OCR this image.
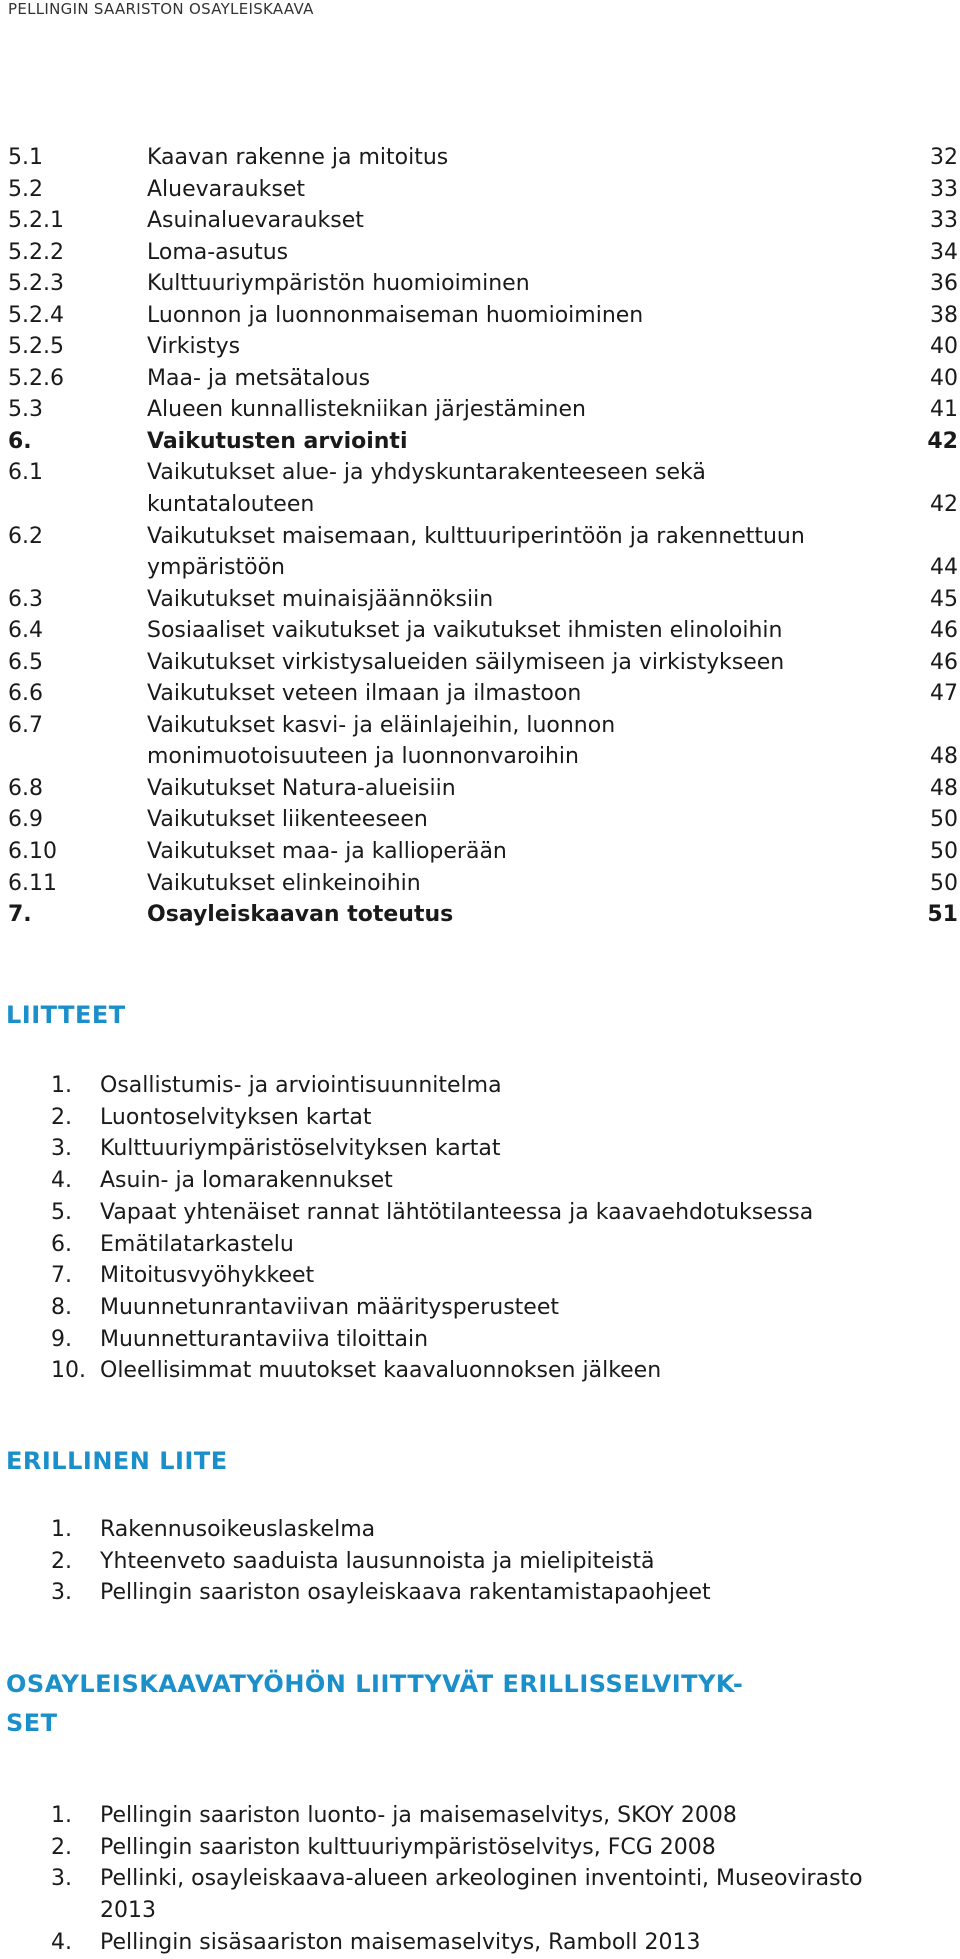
PELLINGIN SAARISTON OSAYLEISKAAVA
5.1	Kaavan rakenne ja mitoitus	32
5.2	Aluevaraukset	33
5.2.1	Asuinaluevaraukset	33
5.2.2	Loma-asutus	34
5.2.3	Kulttuuriympäristön huomioiminen	36
5.2.4	Luonnon ja luonnonmaiseman huomioiminen	38
5.2.5	Virkistys	40
5.2.6	Maa- ja metsätalous	40
5.3	Alueen kunnallistekniikan järjestäminen	41
6.	Vaikutusten arviointi	42
6.1	Vaikutukset alue- ja yhdyskuntarakenteeseen sekä
kuntatalouteen	42
6.2	Vaikutukset maisemaan, kulttuuriperintöön ja rakennettuun
ympäristöön	44
6.3	Vaikutukset muinaisjäännöksiin	45
6.4	Sosiaaliset vaikutukset ja vaikutukset ihmisten elinoloihin	46
6.5	Vaikutukset virkistysalueiden säilymiseen ja virkistykseen	46
6.6	Vaikutukset veteen ilmaan ja ilmastoon	47
6.7	Vaikutukset kasvi- ja eläinlajeihin, luonnon
monimuotoisuuteen ja luonnonvaroihin	48
6.8	Vaikutukset Natura-alueisiin	48
6.9	Vaikutukset liikenteeseen	50
6.10	Vaikutukset maa- ja kallioperään	50
6.11	Vaikutukset elinkeinoihin	50
7.	Osayleiskaavan toteutus	51
LIITTEET
1. Osallistumis- ja arviointisuunnitelma
2. Luontoselvityksen kartat
3. Kulttuuriympäristöselvityksen kartat
4. Asuin- ja lomarakennukset
5. Vapaat yhtenäiset rannat lähtötilanteessa ja kaavaehdotuksessa
6. Emätilatarkastelu
7. Mitoitusvyöhykkeet
8. Muunnetunrantaviivan määritysperusteet
9. Muunnetturantaviiva tiloittain
10. Oleellisimmat muutokset kaavaluonnoksen jälkeen
ERILLINEN LIITE
1. Rakennusoikeuslaskelma
2. Yhteenveto saaduista lausunnoista ja mielipiteistä
3. Pellingin saariston osayleiskaava rakentamistapaohjeet
OSAYLEISKAAVATYÖHÖN LIITTYVÄT ERILLISSELVITYK-
SET
1. Pellingin saariston luonto- ja maisemaselvitys, SKOY 2008
2. Pellingin saariston kulttuuriympäristöselvitys, FCG 2008
3. Pellinki, osayleiskaava-alueen arkeologinen inventointi, Museovirasto
2013
4. Pellingin sisäsaariston maisemaselvitys, Ramboll 2013
